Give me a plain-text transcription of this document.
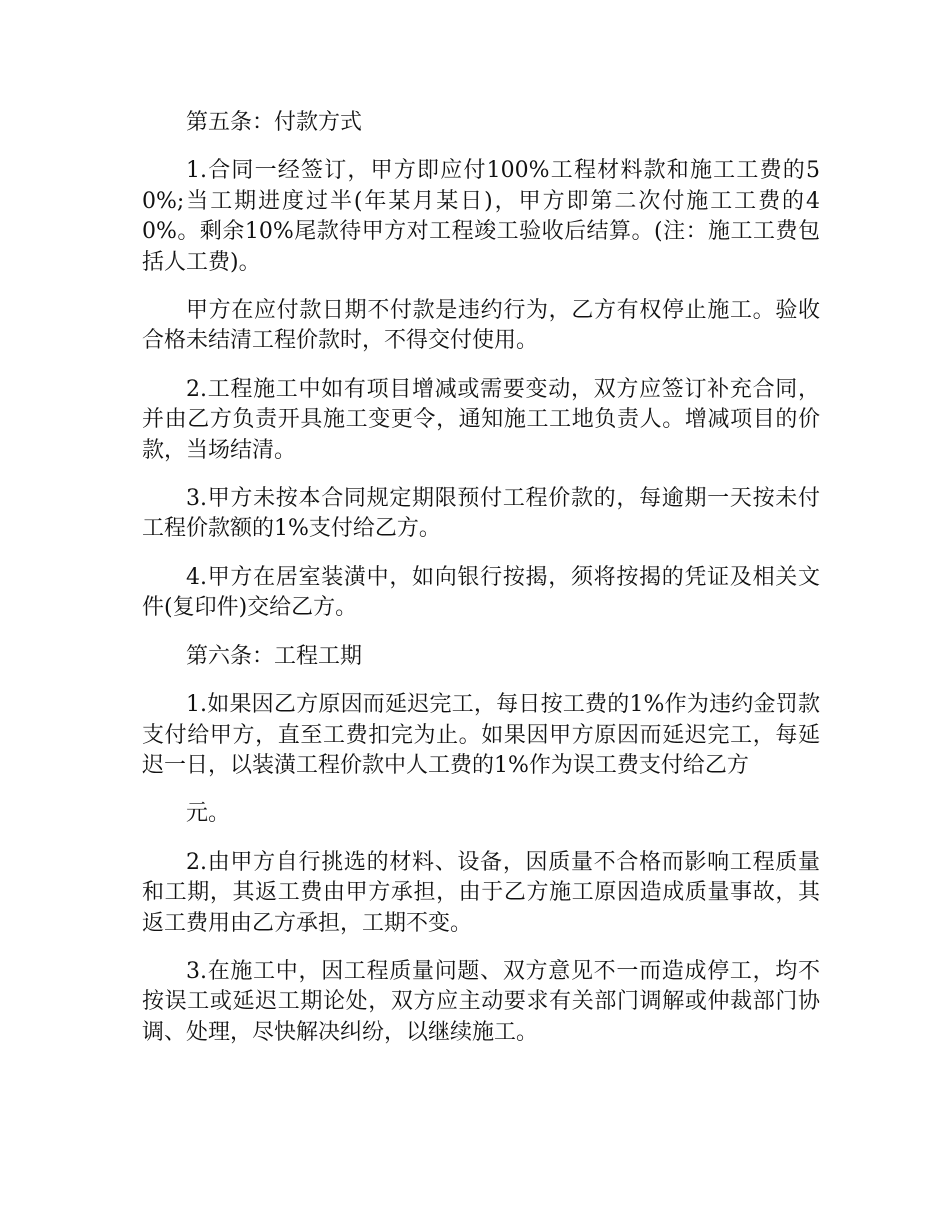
第五条：付款方式

1.合同一经签订，甲方即应付100%工程材料款和施工工费的50%;当工期进度过半(年某月某日)，甲方即第二次付施工工费的40%。剩余10%尾款待甲方对工程竣工验收后结算。(注：施工工费包括人工费)。

甲方在应付款日期不付款是违约行为，乙方有权停止施工。验收合格未结清工程价款时，不得交付使用。

2.工程施工中如有项目增减或需要变动，双方应签订补充合同，并由乙方负责开具施工变更令，通知施工工地负责人。增减项目的价款，当场结清。

3.甲方未按本合同规定期限预付工程价款的，每逾期一天按未付工程价款额的1%支付给乙方。

4.甲方在居室装潢中，如向银行按揭，须将按揭的凭证及相关文件(复印件)交给乙方。

第六条：工程工期

1.如果因乙方原因而延迟完工，每日按工费的1%作为违约金罚款支付给甲方，直至工费扣完为止。如果因甲方原因而延迟完工，每延迟一日，以装潢工程价款中人工费的1%作为误工费支付给乙方

元。

2.由甲方自行挑选的材料、设备，因质量不合格而影响工程质量和工期，其返工费由甲方承担，由于乙方施工原因造成质量事故，其返工费用由乙方承担，工期不变。

3.在施工中，因工程质量问题、双方意见不一而造成停工，均不按误工或延迟工期论处，双方应主动要求有关部门调解或仲裁部门协调、处理，尽快解决纠纷，以继续施工。
